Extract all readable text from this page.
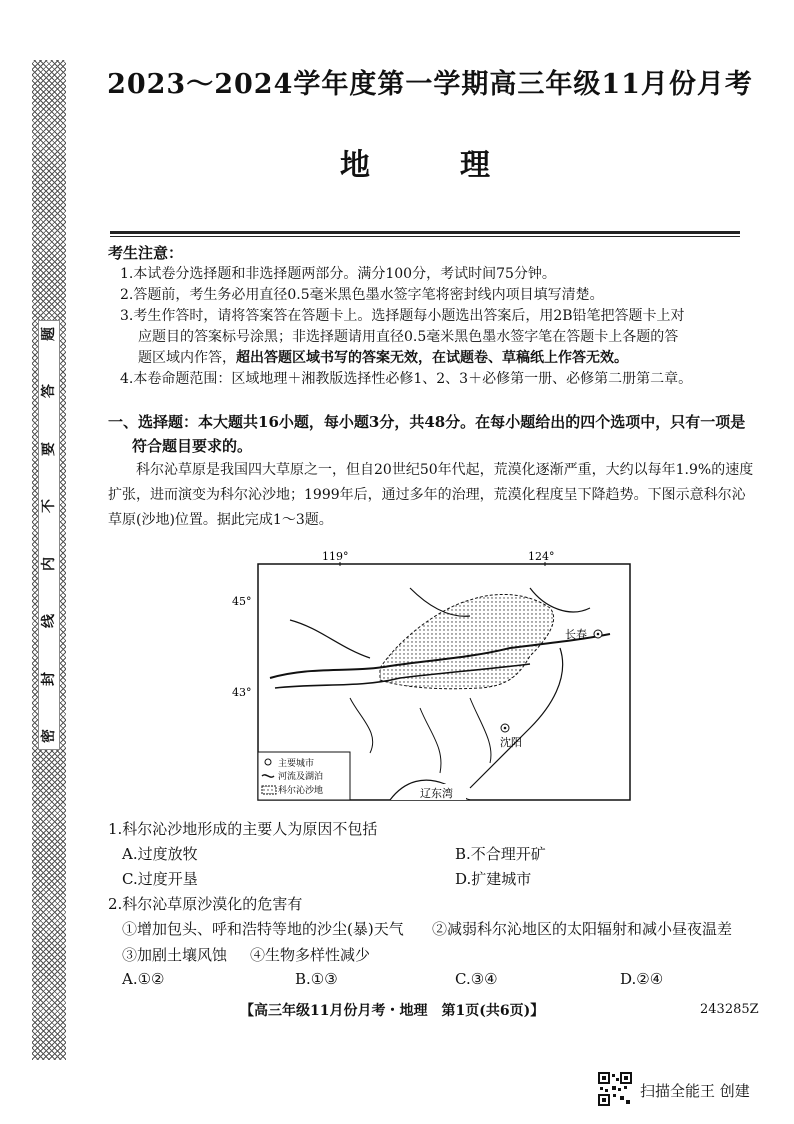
密
封
线
内
不
要
答
题
2023～2024学年度第一学期高三年级11月份月考
地　理
考生注意：

1.本试卷分选择题和非选择题两部分。满分100分，考试时间75分钟。

2.答题前，考生务必用直径0.5毫米黑色墨水签字笔将密封线内项目填写清楚。

3.考生作答时，请将答案答在答题卡上。选择题每小题选出答案后，用2B铅笔把答题卡上对

应题目的答案标号涂黑；非选择题请用直径0.5毫米黑色墨水签字笔在答题卡上各题的答

题区域内作答，超出答题区域书写的答案无效，在试题卷、草稿纸上作答无效。

4.本卷命题范围：区域地理＋湘教版选择性必修1、2、3＋必修第一册、必修第二册第二章。

一、选择题：本大题共16小题，每小题3分，共48分。在每小题给出的四个选项中，只有一项是
符合题目要求的。
科尔沁草原是我国四大草原之一，但自20世纪50年代起，荒漠化逐渐严重，大约以每年1.9%的速度扩张，进而演变为科尔沁沙地；1999年后，通过多年的治理，荒漠化程度呈下降趋势。下图示意科尔沁草原(沙地)位置。据此完成1～3题。
119°	124°
45°
43°
长春
沈阳
辽东湾
主要城市
河流及湖泊
科尔沁沙地
1.科尔沁沙地形成的主要人为原因不包括
A.过度放牧	B.不合理开矿
C.过度开垦	D.扩建城市
2.科尔沁草原沙漠化的危害有
①增加包头、呼和浩特等地的沙尘(暴)天气 ②减弱科尔沁地区的太阳辐射和减小昼夜温差
③加剧土壤风蚀 ④生物多样性减少
A.①②	B.①③	C.③④	D.②④
【高三年级11月份月考・地理　第1页(共6页)】	243285Z
扫描全能王 创建
